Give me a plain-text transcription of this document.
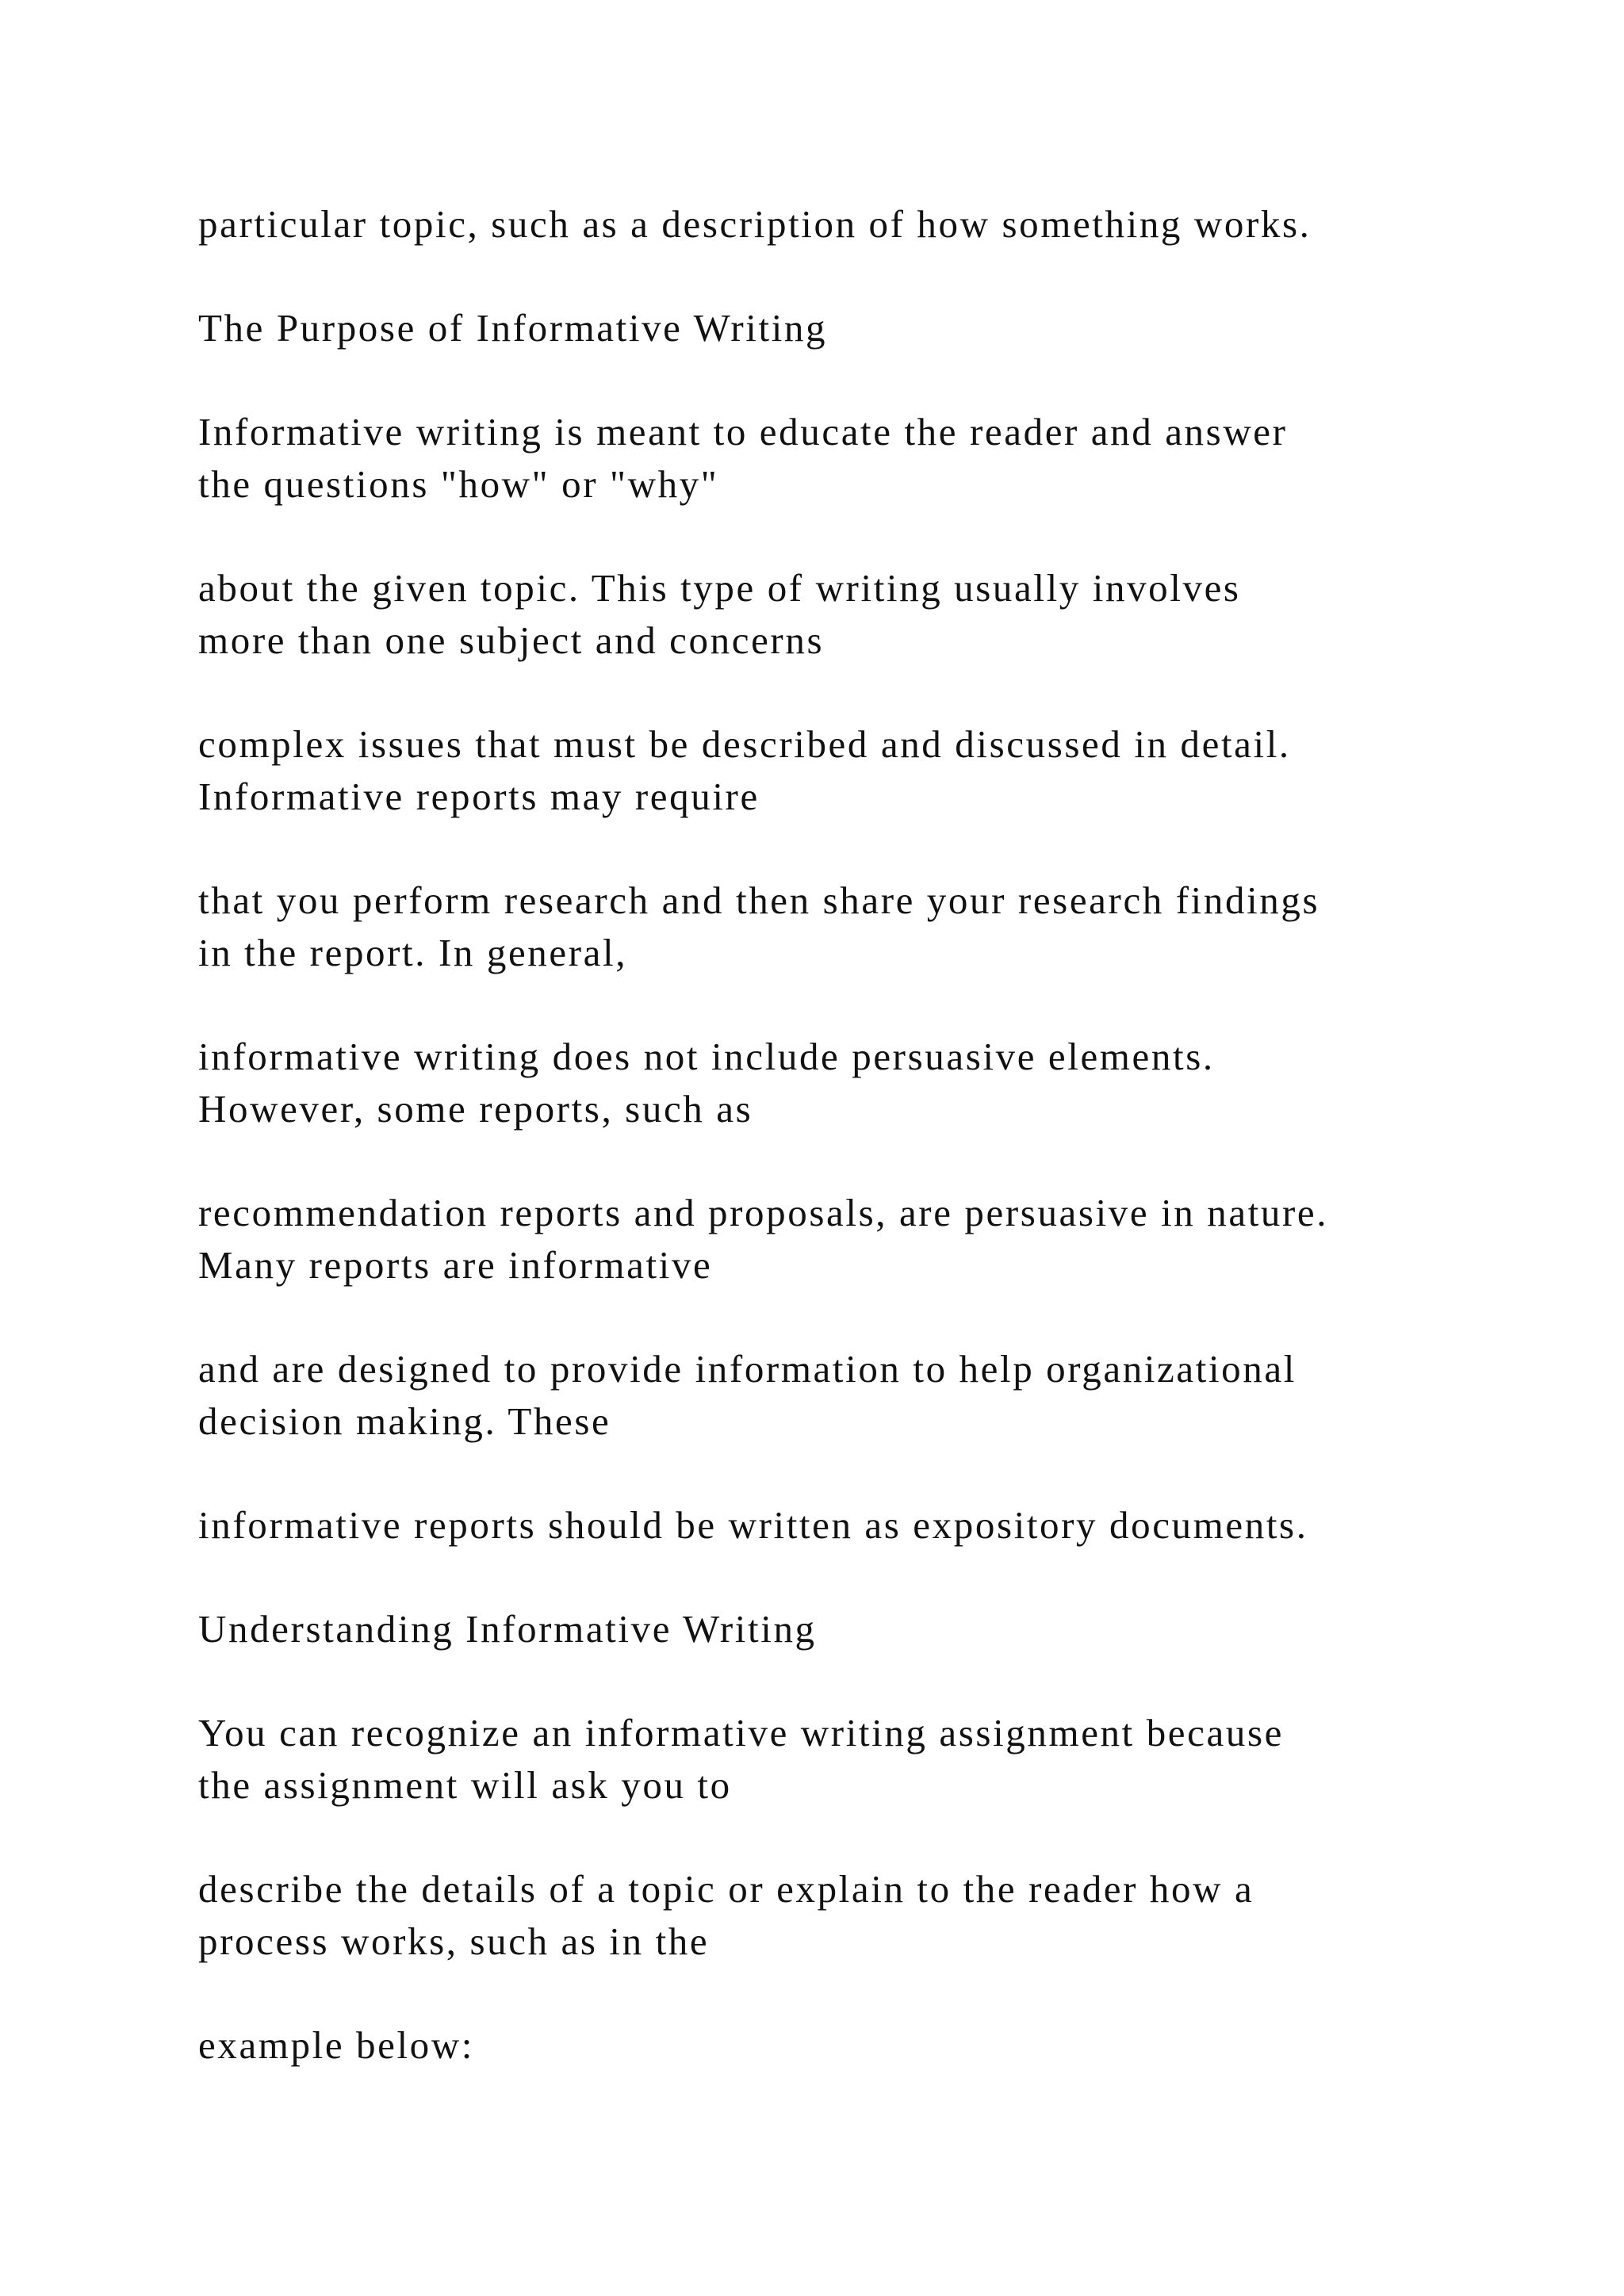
particular topic, such as a description of how something works.

The Purpose of Informative Writing

Informative writing is meant to educate the reader and answer

the questions "how" or "why"

about the given topic. This type of writing usually involves

more than one subject and concerns

complex issues that must be described and discussed in detail.

Informative reports may require

that you perform research and then share your research findings

in the report. In general,

informative writing does not include persuasive elements.

However, some reports, such as

recommendation reports and proposals, are persuasive in nature.

Many reports are informative

and are designed to provide information to help organizational

decision making. These

informative reports should be written as expository documents.

Understanding Informative Writing

You can recognize an informative writing assignment because

the assignment will ask you to

describe the details of a topic or explain to the reader how a

process works, such as in the

example below:
